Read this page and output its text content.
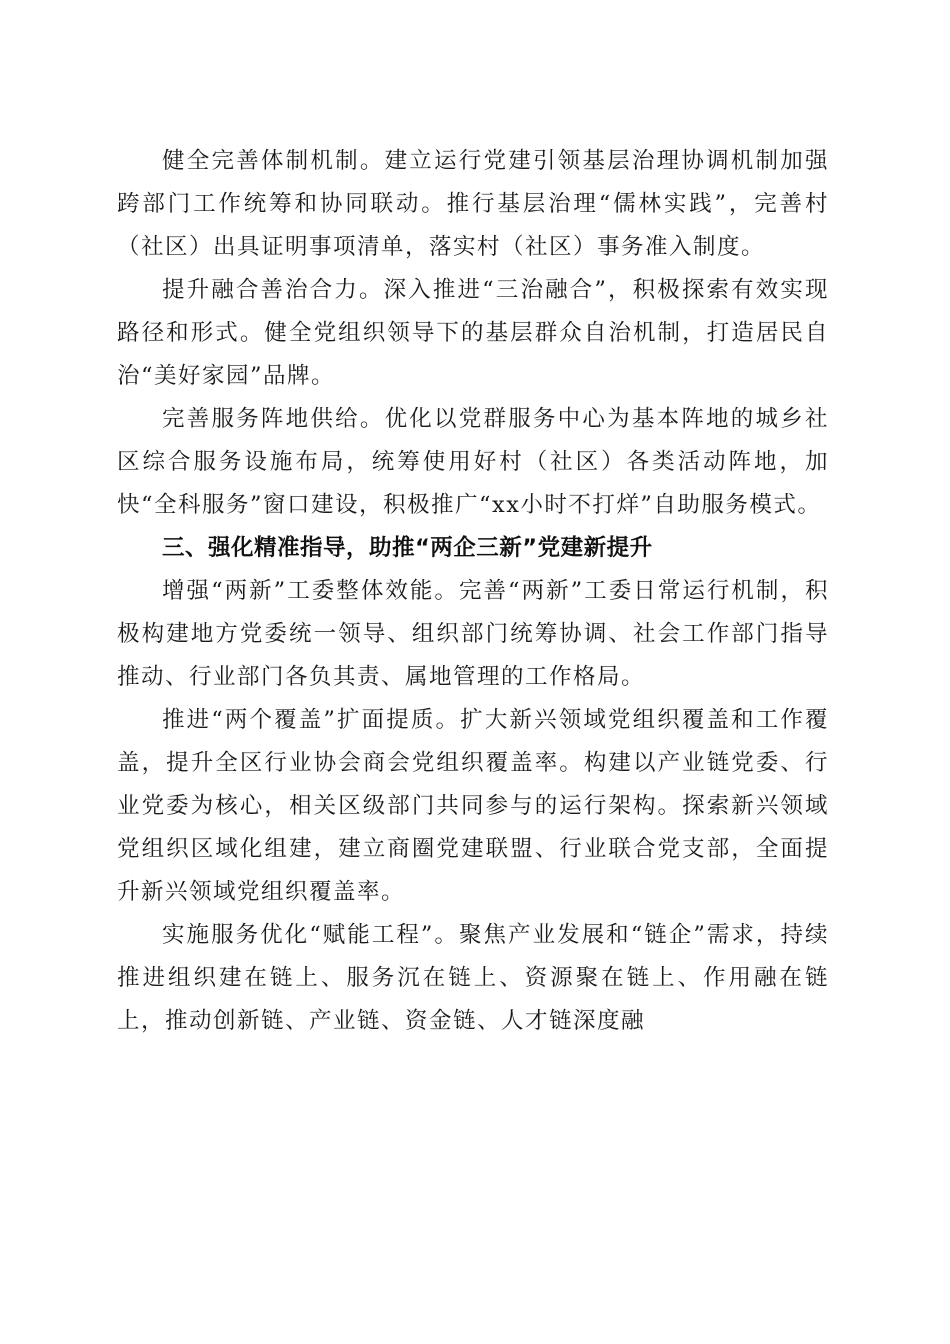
健全完善体制机制。建立运行党建引领基层治理协调机制加强跨部门工作统筹和协同联动。推行基层治理“儒林实践”，完善村（社区）出具证明事项清单，落实村（社区）事务准入制度。

提升融合善治合力。深入推进“三治融合”，积极探索有效实现路径和形式。健全党组织领导下的基层群众自治机制，打造居民自治“美好家园”品牌。

完善服务阵地供给。优化以党群服务中心为基本阵地的城乡社区综合服务设施布局，统筹使用好村（社区）各类活动阵地，加快“全科服务”窗口建设，积极推广“xx小时不打烊”自助服务模式。

三、强化精准指导，助推“两企三新”党建新提升

增强“两新”工委整体效能。完善“两新”工委日常运行机制，积极构建地方党委统一领导、组织部门统筹协调、社会工作部门指导推动、行业部门各负其责、属地管理的工作格局。

推进“两个覆盖”扩面提质。扩大新兴领域党组织覆盖和工作覆盖，提升全区行业协会商会党组织覆盖率。构建以产业链党委、行业党委为核心，相关区级部门共同参与的运行架构。探索新兴领域党组织区域化组建，建立商圈党建联盟、行业联合党支部，全面提升新兴领域党组织覆盖率。

实施服务优化“赋能工程”。聚焦产业发展和“链企”需求，持续推进组织建在链上、服务沉在链上、资源聚在链上、作用融在链上，推动创新链、产业链、资金链、人才链深度融
